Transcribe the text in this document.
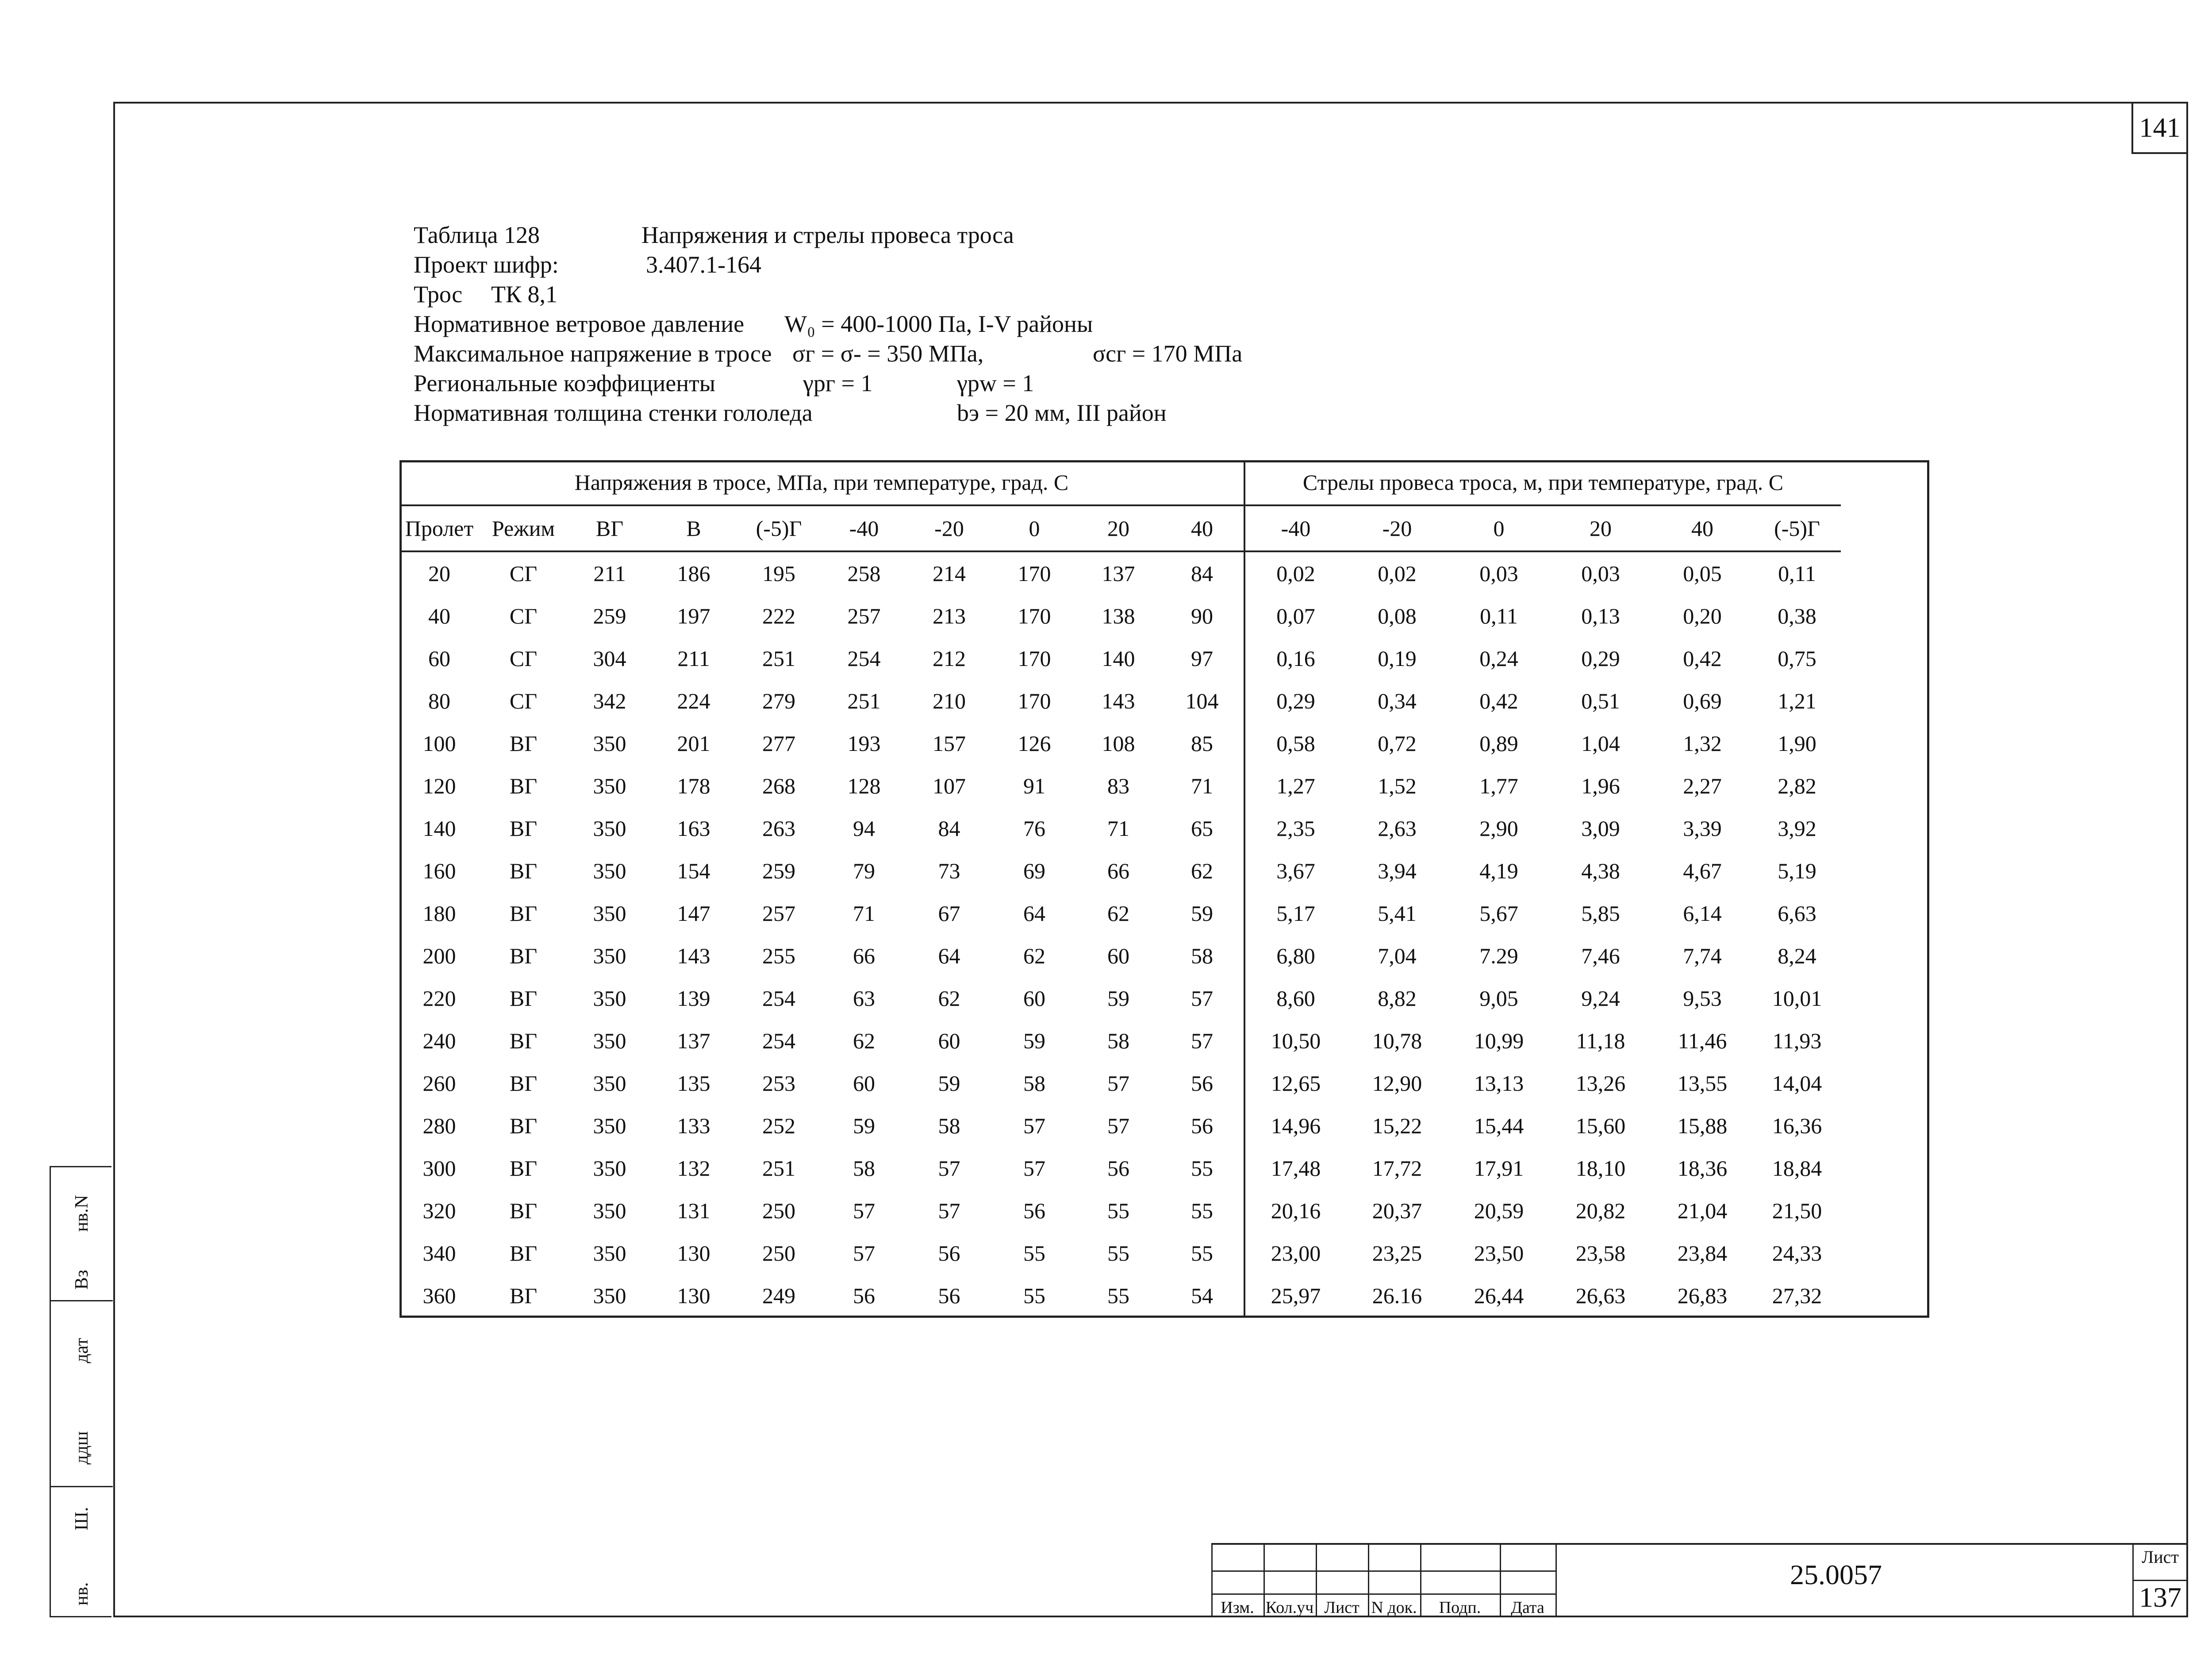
141
Таблица 128	Напряжения и стрелы провеса троса
Проект шифр:	3.407.1-164
Трос ТК 8,1
Нормативное ветровое давление W₀ = 400-1000 Па, I-V районы
Максимальное напряжение в тросе σг = σ- = 350 МПа,	σсг = 170 МПа
Региональные коэффициенты	γрг = 1	γpw = 1
Нормативная толщина стенки гололеда	bэ = 20 мм, III район
Напряжения в тросе, МПа, при температуре, град. С										Стрелы провеса троса, м, при температуре, град. С					
Пролет	Режим	ВГ	В	(-5)Г	-40	-20	0	20	40	-40	-20	0	20	40	(-5)Г
20	СГ	211	186	195	258	214	170	137	84	0,02	0,02	0,03	0,03	0,05	0,11
40	СГ	259	197	222	257	213	170	138	90	0,07	0,08	0,11	0,13	0,20	0,38
60	СГ	304	211	251	254	212	170	140	97	0,16	0,19	0,24	0,29	0,42	0,75
80	СГ	342	224	279	251	210	170	143	104	0,29	0,34	0,42	0,51	0,69	1,21
100	ВГ	350	201	277	193	157	126	108	85	0,58	0,72	0,89	1,04	1,32	1,90
120	ВГ	350	178	268	128	107	91	83	71	1,27	1,52	1,77	1,96	2,27	2,82
140	ВГ	350	163	263	94	84	76	71	65	2,35	2,63	2,90	3,09	3,39	3,92
160	ВГ	350	154	259	79	73	69	66	62	3,67	3,94	4,19	4,38	4,67	5,19
180	ВГ	350	147	257	71	67	64	62	59	5,17	5,41	5,67	5,85	6,14	6,63
200	ВГ	350	143	255	66	64	62	60	58	6,80	7,04	7.29	7,46	7,74	8,24
220	ВГ	350	139	254	63	62	60	59	57	8,60	8,82	9,05	9,24	9,53	10,01
240	ВГ	350	137	254	62	60	59	58	57	10,50	10,78	10,99	11,18	11,46	11,93
260	ВГ	350	135	253	60	59	58	57	56	12,65	12,90	13,13	13,26	13,55	14,04
280	ВГ	350	133	252	59	58	57	57	56	14,96	15,22	15,44	15,60	15,88	16,36
300	ВГ	350	132	251	58	57	57	56	55	17,48	17,72	17,91	18,10	18,36	18,84
320	ВГ	350	131	250	57	57	56	55	55	20,16	20,37	20,59	20,82	21,04	21,50
340	ВГ	350	130	250	57	56	55	55	55	23,00	23,25	23,50	23,58	23,84	24,33
360	ВГ	350	130	249	56	56	55	55	54	25,97	26.16	26,44	26,63	26,83	27,32
нв.
Ш.
ддш
дат
Вз
нв.N
Изм. Кол.уч Лист N док.	Подп.	Дата
25.0057
Лист
137
